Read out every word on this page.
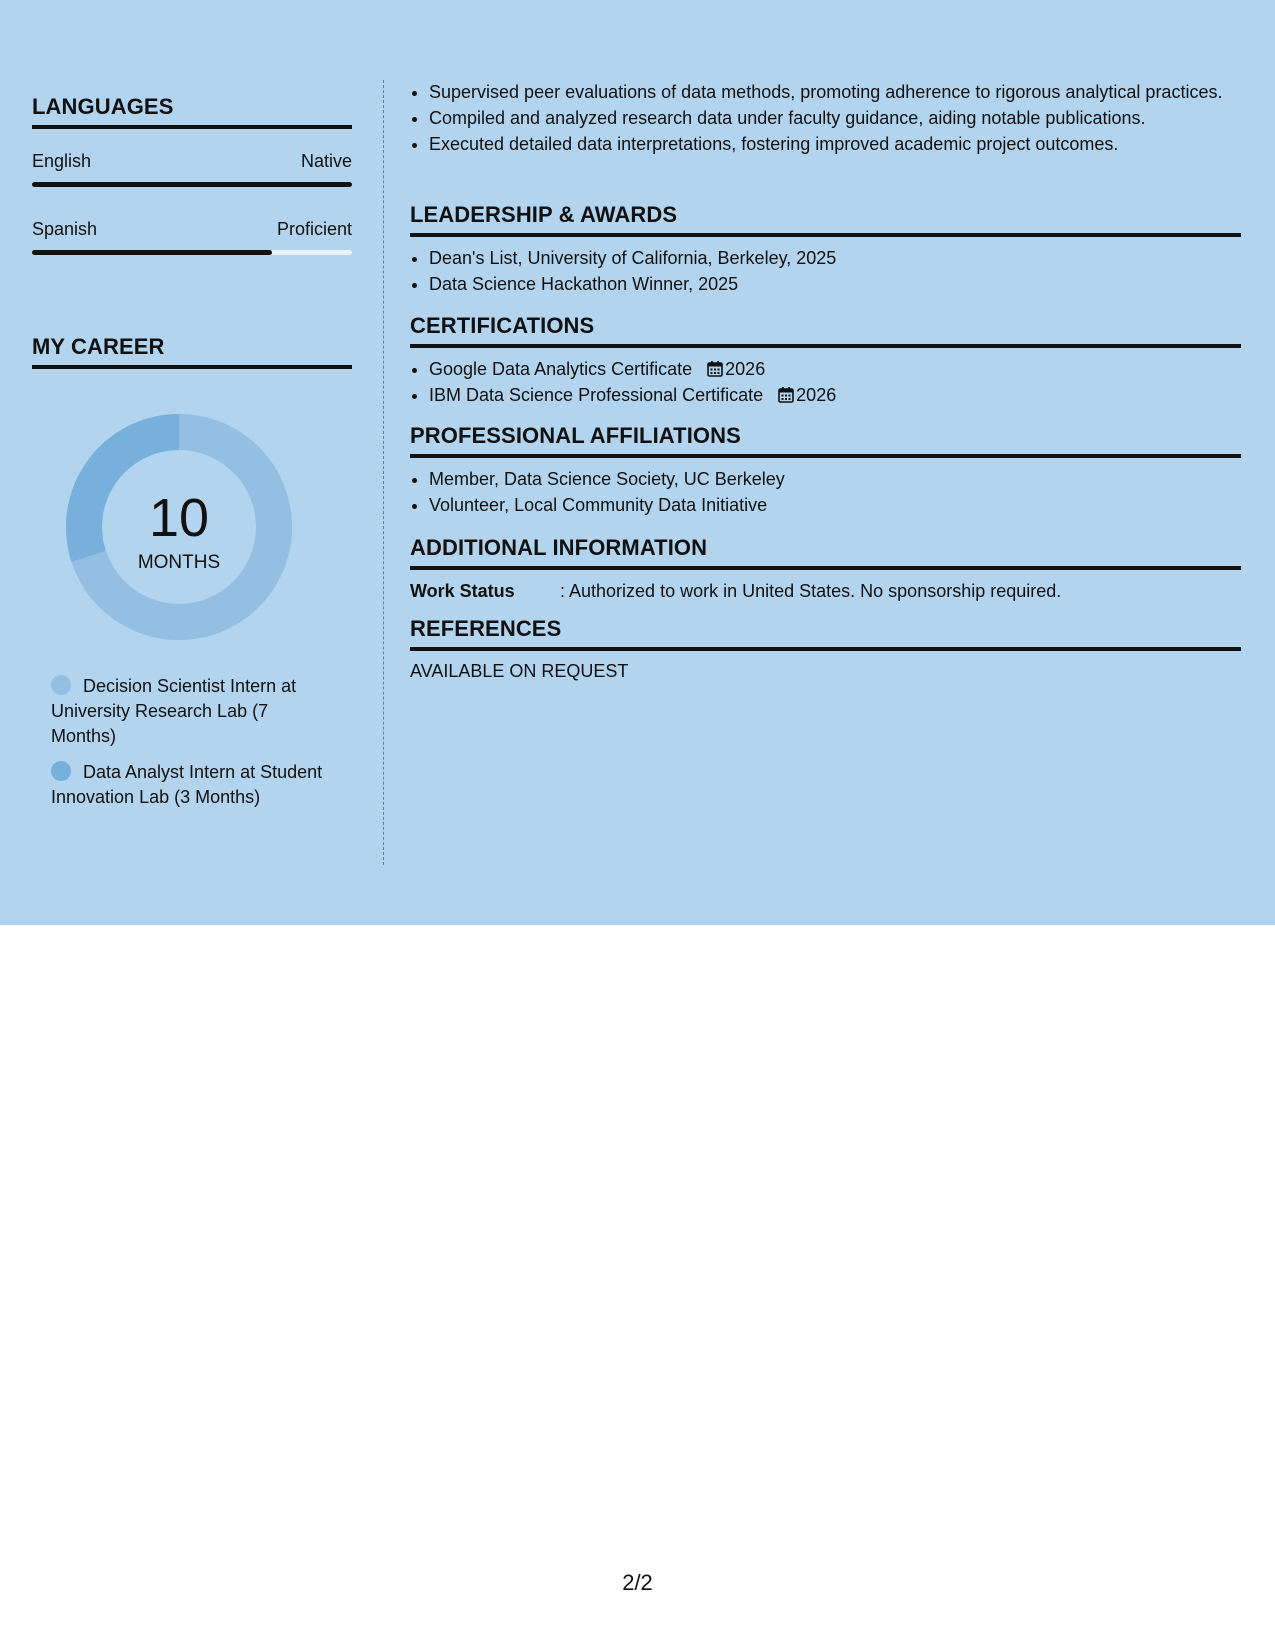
LANGUAGES
English	Native
Spanish	Proficient
MY CAREER
10
MONTHS
Decision Scientist Intern at University Research Lab (7 Months)
Data Analyst Intern at Student Innovation Lab (3 Months)
• Supervised peer evaluations of data methods, promoting adherence to rigorous analytical practices.
• Compiled and analyzed research data under faculty guidance, aiding notable publications.
• Executed detailed data interpretations, fostering improved academic project outcomes.
LEADERSHIP & AWARDS
• Dean's List, University of California, Berkeley, 2025
• Data Science Hackathon Winner, 2025
CERTIFICATIONS
• Google Data Analytics Certificate 2026
• IBM Data Science Professional Certificate 2026
PROFESSIONAL AFFILIATIONS
• Member, Data Science Society, UC Berkeley
• Volunteer, Local Community Data Initiative
ADDITIONAL INFORMATION
Work Status	: Authorized to work in United States. No sponsorship required.
REFERENCES
AVAILABLE ON REQUEST
2/2
